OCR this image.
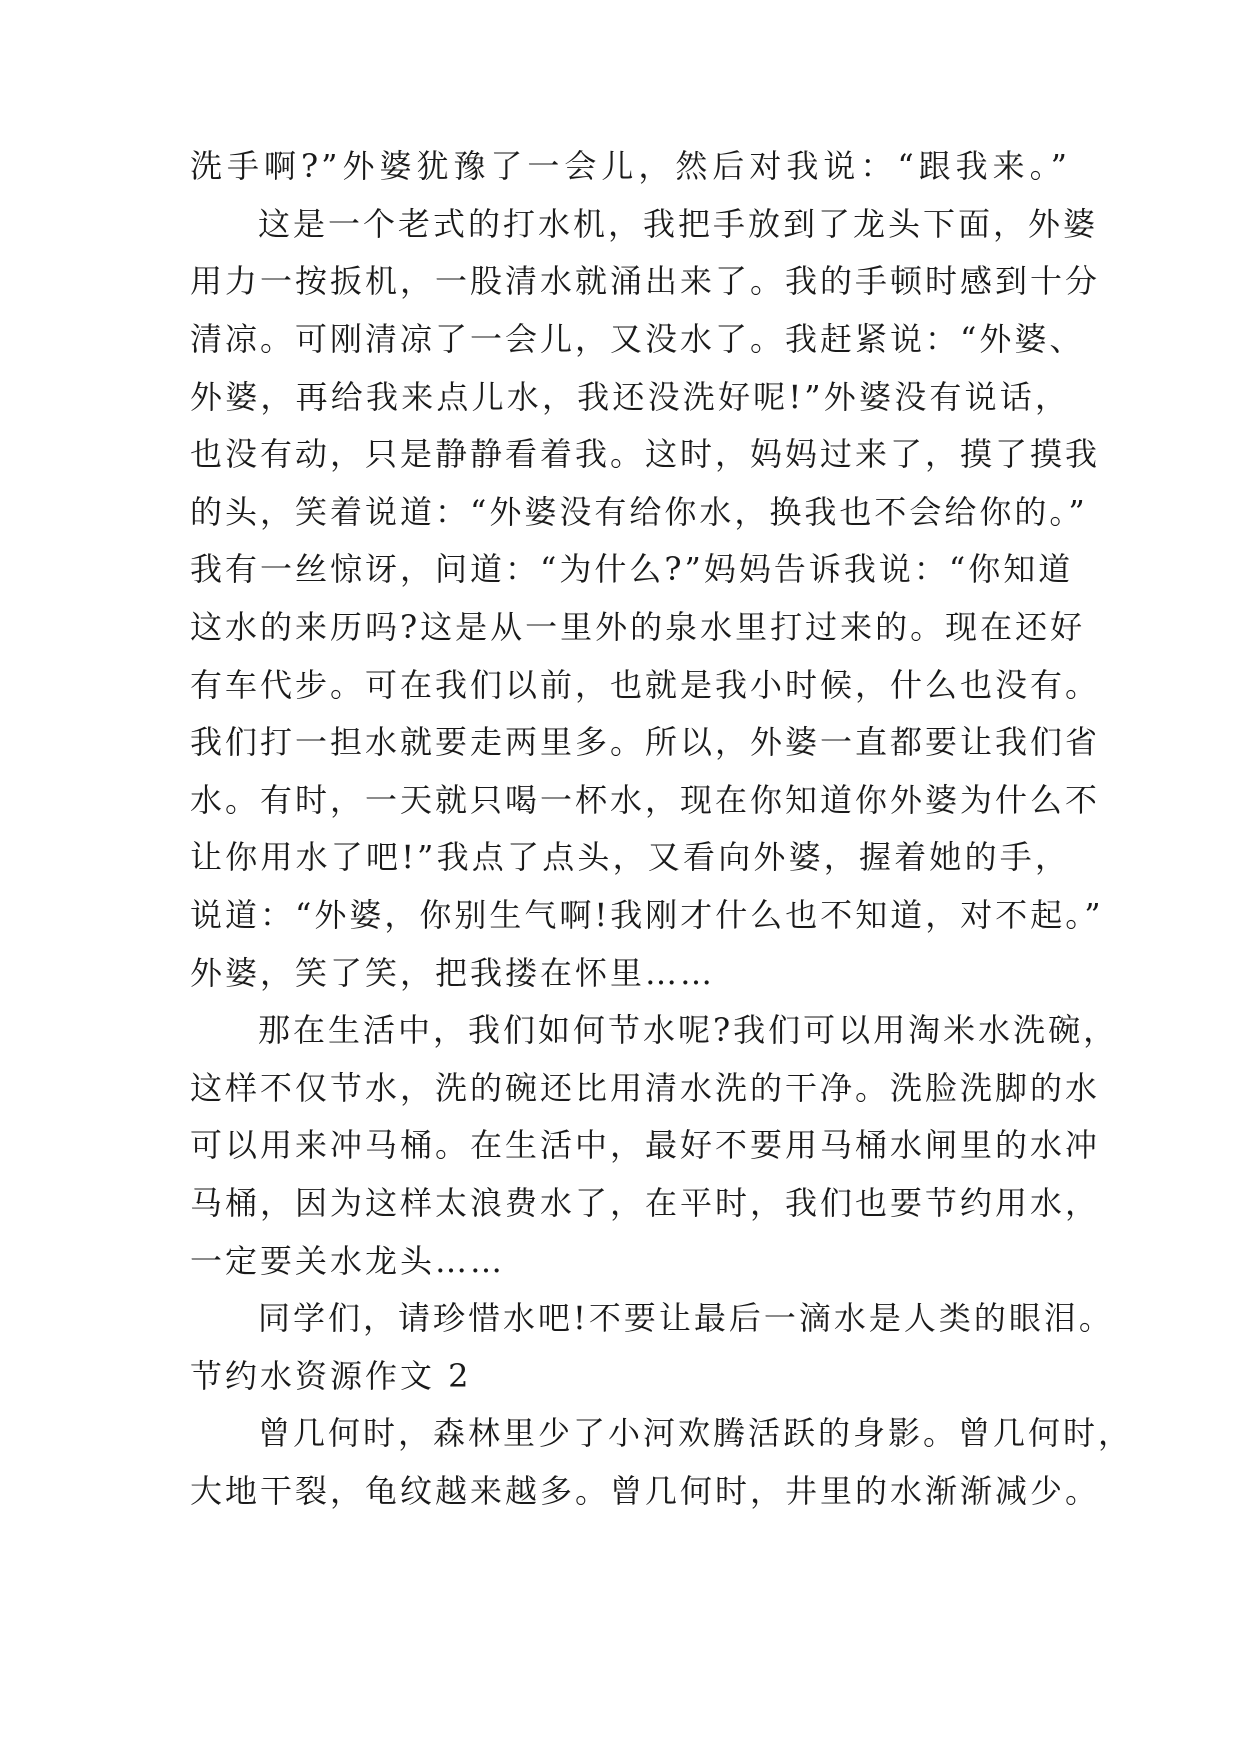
洗手啊?”外婆犹豫了一会儿，然后对我说：“跟我来。”
这是一个老式的打水机，我把手放到了龙头下面，外婆
用力一按扳机，一股清水就涌出来了。我的手顿时感到十分
清凉。可刚清凉了一会儿，又没水了。我赶紧说：“外婆、
外婆，再给我来点儿水，我还没洗好呢!”外婆没有说话，
也没有动，只是静静看着我。这时，妈妈过来了，摸了摸我
的头，笑着说道：“外婆没有给你水，换我也不会给你的。”
我有一丝惊讶，问道：“为什么?”妈妈告诉我说：“你知道
这水的来历吗?这是从一里外的泉水里打过来的。现在还好
有车代步。可在我们以前，也就是我小时候，什么也没有。
我们打一担水就要走两里多。所以，外婆一直都要让我们省
水。有时，一天就只喝一杯水，现在你知道你外婆为什么不
让你用水了吧!”我点了点头，又看向外婆，握着她的手，
说道：“外婆，你别生气啊!我刚才什么也不知道，对不起。”
外婆，笑了笑，把我搂在怀里……
那在生活中，我们如何节水呢?我们可以用淘米水洗碗，
这样不仅节水，洗的碗还比用清水洗的干净。洗脸洗脚的水
可以用来冲马桶。在生活中，最好不要用马桶水闸里的水冲
马桶，因为这样太浪费水了，在平时，我们也要节约用水，
一定要关水龙头……
同学们，请珍惜水吧!不要让最后一滴水是人类的眼泪。
节约水资源作文 2
曾几何时，森林里少了小河欢腾活跃的身影。曾几何时，
大地干裂，龟纹越来越多。曾几何时，井里的水渐渐减少。
